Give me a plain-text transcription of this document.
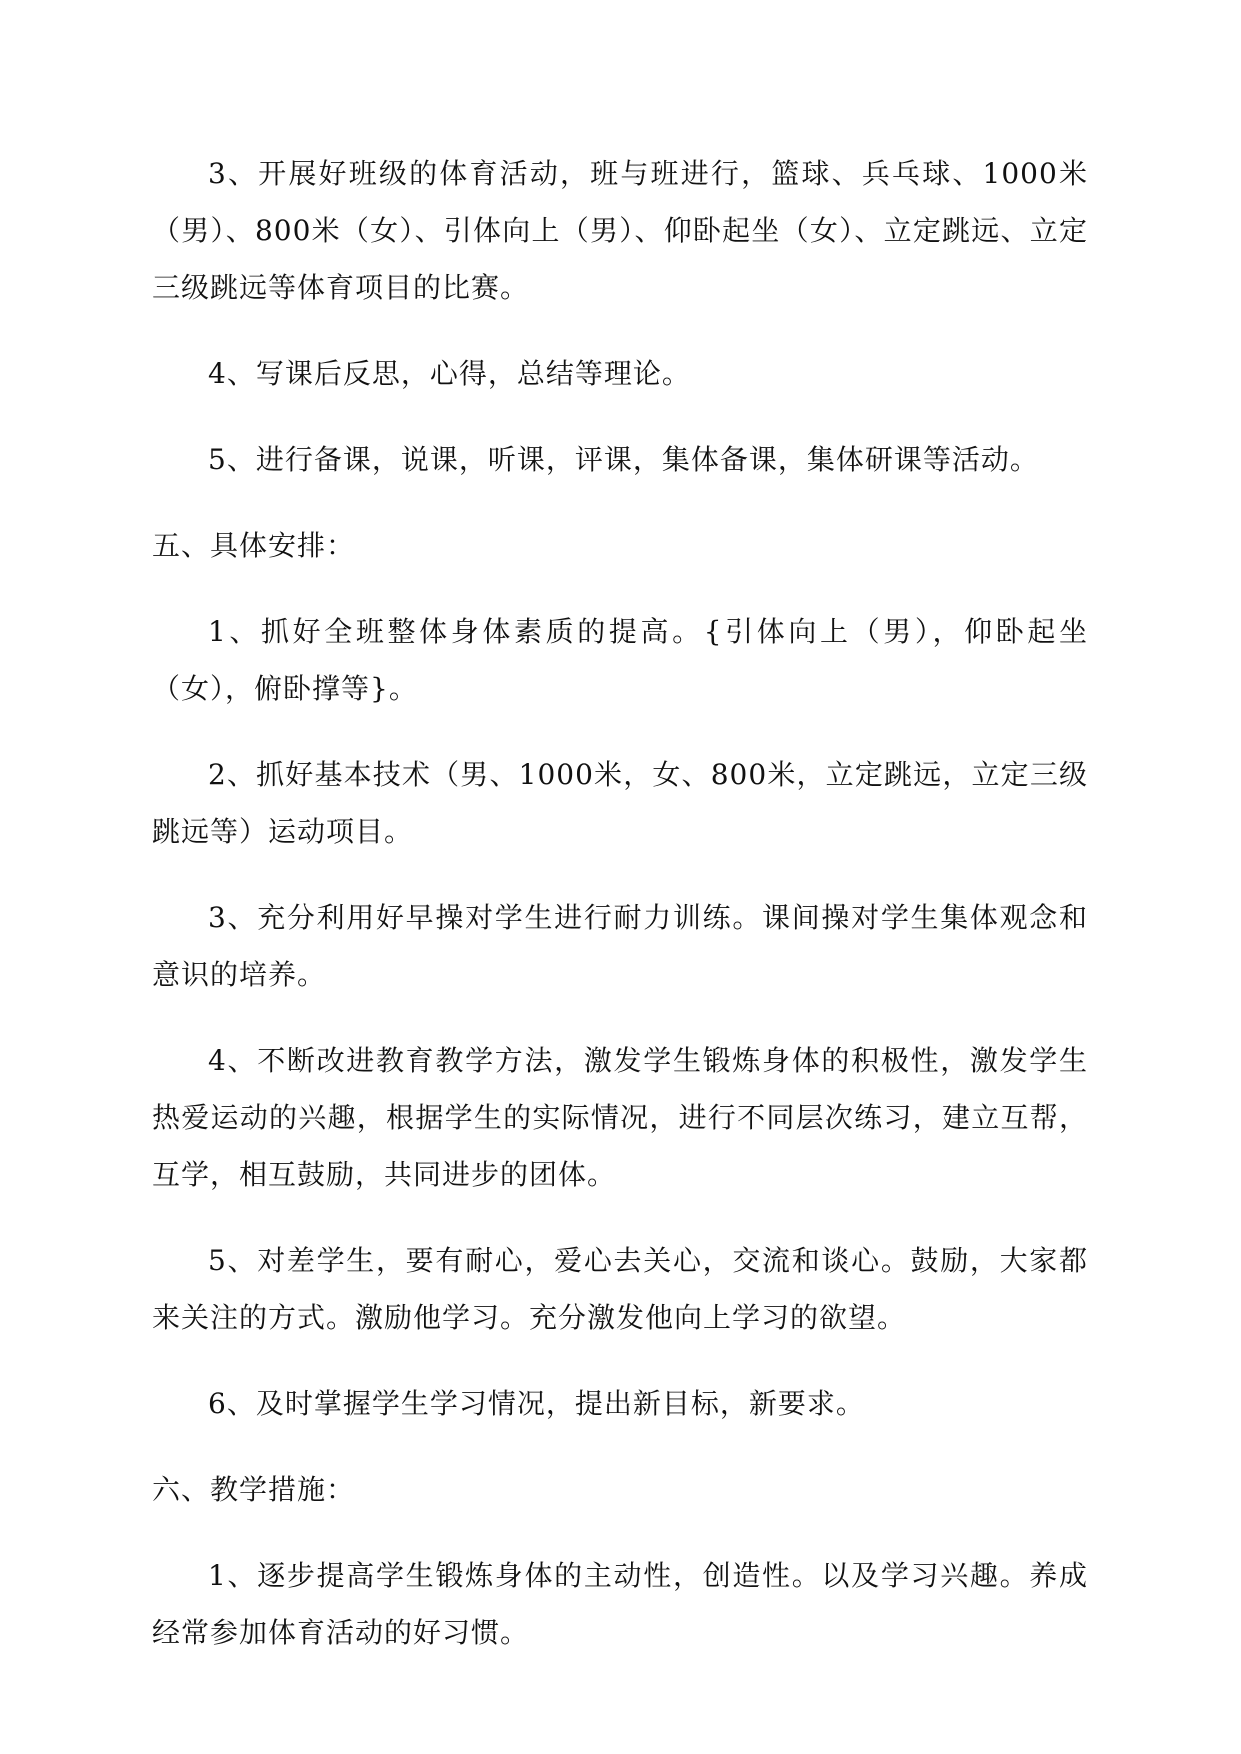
3、开展好班级的体育活动，班与班进行，篮球、兵乓球、1000米（男）、800米（女）、引体向上（男）、仰卧起坐（女）、立定跳远、立定三级跳远等体育项目的比赛。

4、写课后反思，心得，总结等理论。

5、进行备课，说课，听课，评课，集体备课，集体研课等活动。

五、具体安排：

1、抓好全班整体身体素质的提高。{引体向上（男），仰卧起坐（女），俯卧撑等}。

2、抓好基本技术（男、1000米，女、800米，立定跳远，立定三级跳远等）运动项目。

3、充分利用好早操对学生进行耐力训练。课间操对学生集体观念和意识的培养。

4、不断改进教育教学方法，激发学生锻炼身体的积极性，激发学生热爱运动的兴趣，根据学生的实际情况，进行不同层次练习，建立互帮，互学，相互鼓励，共同进步的团体。

5、对差学生，要有耐心，爱心去关心，交流和谈心。鼓励，大家都来关注的方式。激励他学习。充分激发他向上学习的欲望。

6、及时掌握学生学习情况，提出新目标，新要求。

六、教学措施：

1、逐步提高学生锻炼身体的主动性，创造性。以及学习兴趣。养成经常参加体育活动的好习惯。
